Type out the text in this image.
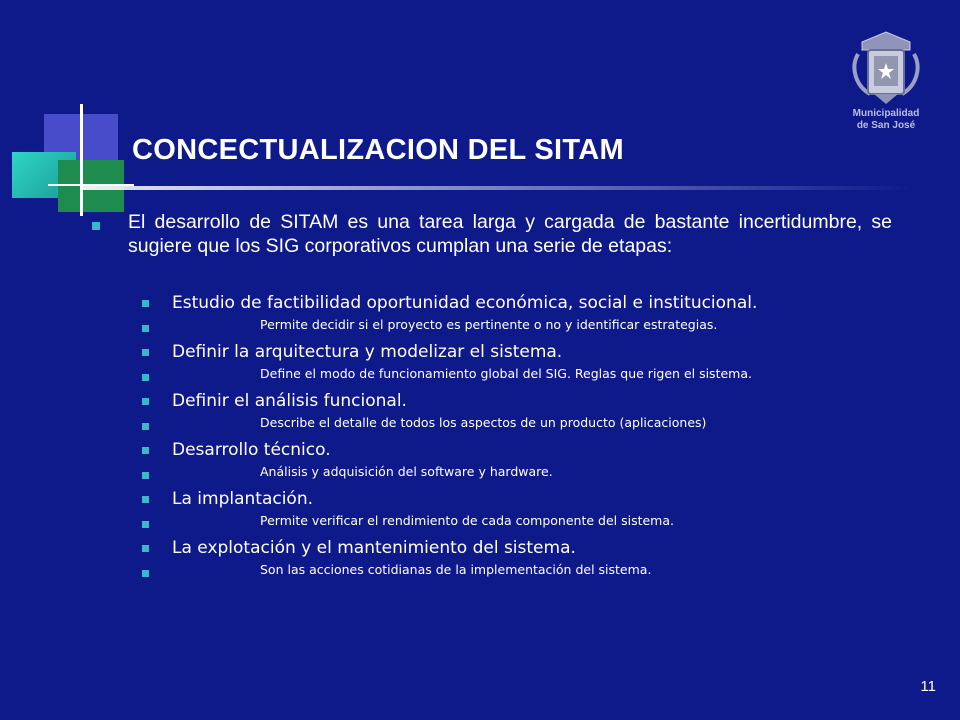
CONCECTUALIZACION DEL SITAM
Municipalidad
de San José

El desarrollo de SITAM es una tarea larga y cargada de bastante incertidumbre, se sugiere que los SIG corporativos cumplan una serie de etapas:

Estudio de factibilidad oportunidad económica, social e institucional.

Permite decidir si el proyecto es pertinente o no y identificar estrategias.

Definir la arquitectura y modelizar el sistema.

Define el modo de funcionamiento global del SIG. Reglas que rigen el sistema.

Definir el análisis funcional.

Describe el detalle de todos los aspectos de un producto (aplicaciones)

Desarrollo técnico.

Análisis y adquisición del software y hardware.

La implantación.

Permite verificar el rendimiento de cada componente del sistema.

La explotación y el mantenimiento del sistema.

Son las acciones cotidianas de la implementación del sistema.
11
